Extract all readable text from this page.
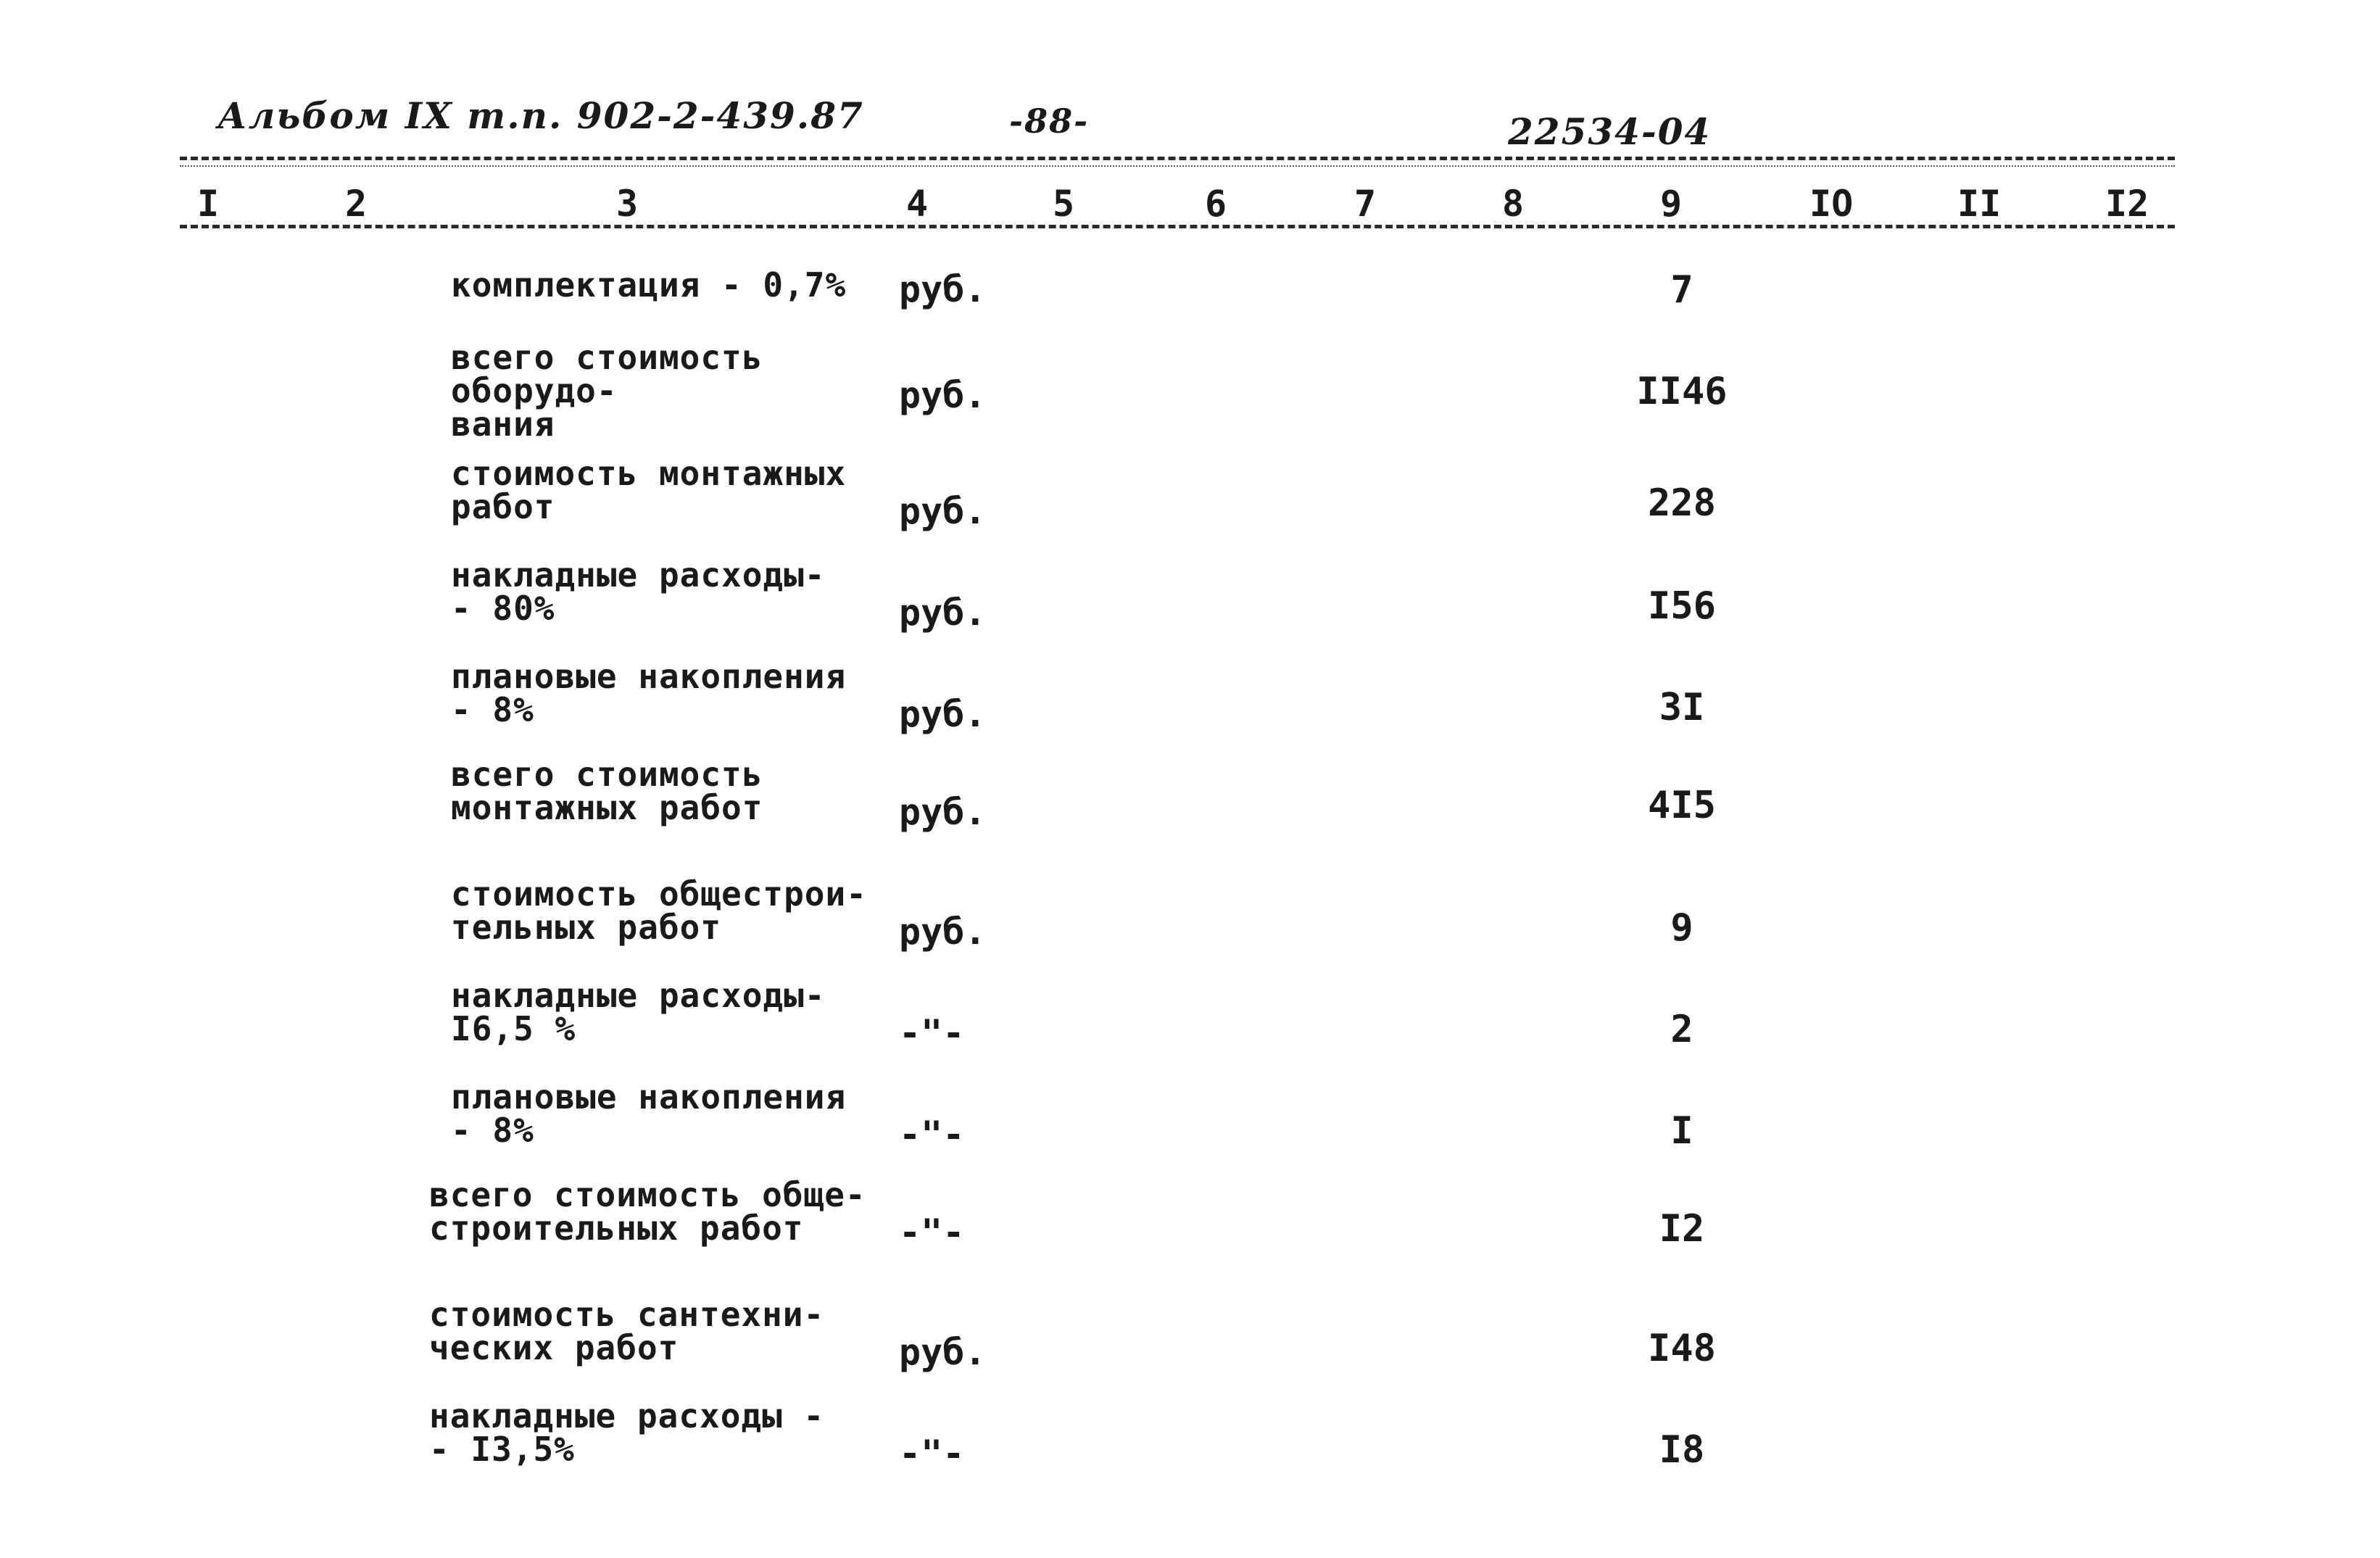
Альбом IX т.п. 902-2-439.87	-88-	22534-04
I	2	3	4	5	6	7	8	9	IO	II	I2
комплектация - 0,7%	руб.	7
всего стоимость оборудо-
вания
руб.	II46
стоимость монтажных
работ	руб.	228
накладные расходы-
- 80%	руб.	I56
плановые накопления
- 8%	руб.	3I
всего стоимость
монтажных работ	руб.	4I5
стоимость общестрои-
тельных работ	руб.	9
накладные расходы-
I6,5 %	-"-	2
плановые накопления
- 8%	-"-	I
всего стоимость обще-
строительных работ	-"-	I2
стоимость сантехни-
ческих работ	руб.	I48
накладные расходы -
- I3,5%	-"-	I8
